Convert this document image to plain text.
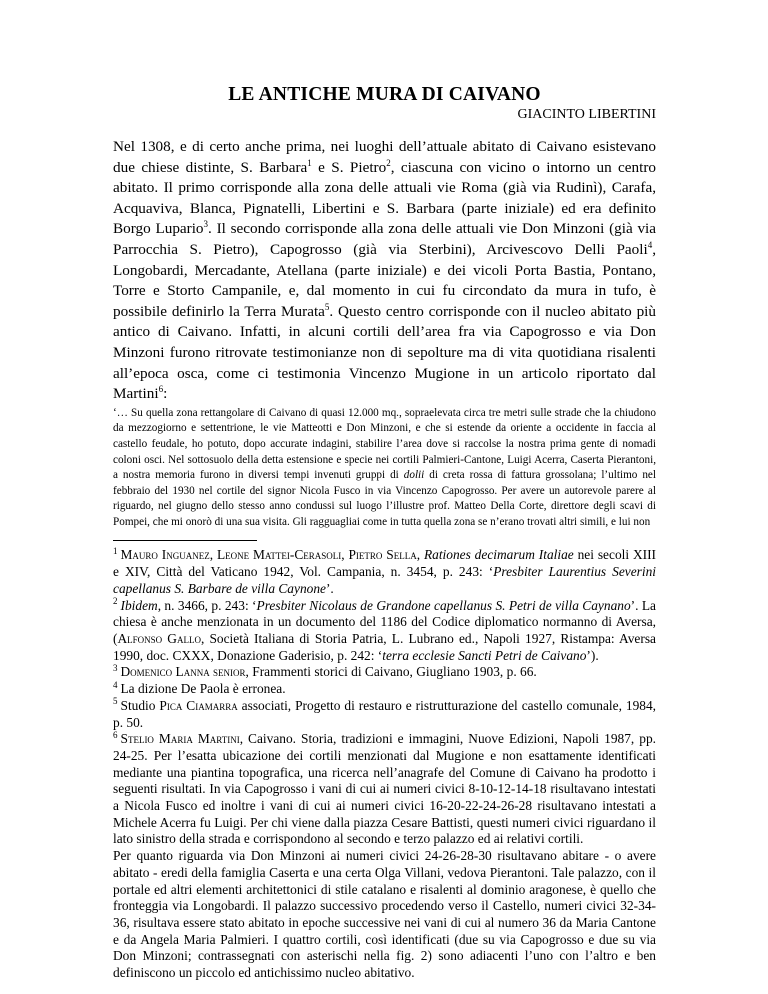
LE ANTICHE MURA DI CAIVANO

GIACINTO LIBERTINI

Nel 1308, e di certo anche prima, nei luoghi dell’attuale abitato di Caivano esistevano due chiese distinte, S. Barbara$^1$ e S. Pietro$^2$, ciascuna con vicino o intorno un centro abitato. Il primo corrisponde alla zona delle attuali vie Roma (già via Rudinì), Carafa, Acquaviva, Blanca, Pignatelli, Libertini e S. Barbara (parte iniziale) ed era definito Borgo Lupario$^3$. Il secondo corrisponde alla zona delle attuali vie Don Minzoni (già via Parrocchia S. Pietro), Capogrosso (già via Sterbini), Arcivescovo Delli Paoli$^4$, Longobardi, Mercadante, Atellana (parte iniziale) e dei vicoli Porta Bastia, Pontano, Torre e Storto Campanile, e, dal momento in cui fu circondato da mura in tufo, è possibile definirlo la Terra Murata$^5$. Questo centro corrisponde con il nucleo abitato più antico di Caivano. Infatti, in alcuni cortili dell’area fra via Capogrosso e via Don Minzoni furono ritrovate testimonianze non di sepolture ma di vita quotidiana risalenti all’epoca osca, come ci testimonia Vincenzo Mugione in un articolo riportato dal Martini$^6$:

‘… Su quella zona rettangolare di Caivano di quasi 12.000 mq., sopraelevata circa tre metri sulle strade che la chiudono da mezzogiorno e settentrione, le vie Matteotti e Don Minzoni, e che si estende da oriente a occidente in faccia al castello feudale, ho potuto, dopo accurate indagini, stabilire l’area dove si raccolse la nostra prima gente di nomadi coloni osci. Nel sottosuolo della detta estensione e specie nei cortili Palmieri-Cantone, Luigi Acerra, Caserta Pierantoni, a nostra memoria furono in diversi tempi invenuti gruppi di dolii di creta rossa di fattura grossolana; l’ultimo nel febbraio del 1930 nel cortile del signor Nicola Fusco in via Vincenzo Capogrosso. Per avere un autorevole parere al riguardo, nel giugno dello stesso anno condussi sul luogo l’illustre prof. Matteo Della Corte, direttore degli scavi di Pompei, che mi onorò di una sua visita. Gli ragguagliai come in tutta quella zona se n’erano trovati altri simili, e lui non

$^1$ Mauro Inguanez, Leone Mattei-Cerasoli, Pietro Sella, Rationes decimarum Italiae nei secoli XIII e XIV, Città del Vaticano 1942, Vol. Campania, n. 3454, p. 243: ‘Presbiter Laurentius Severini capellanus S. Barbare de villa Caynone’.

$^2$ Ibidem, n. 3466, p. 243: ‘Presbiter Nicolaus de Grandone capellanus S. Petri de villa Caynano’. La chiesa è anche menzionata in un documento del 1186 del Codice diplomatico normanno di Aversa, (Alfonso Gallo, Società Italiana di Storia Patria, L. Lubrano ed., Napoli 1927, Ristampa: Aversa 1990, doc. CXXX, Donazione Gaderisio, p. 242: ‘terra ecclesie Sancti Petri de Caivano’).

$^3$ Domenico Lanna senior, Frammenti storici di Caivano, Giugliano 1903, p. 66.

$^4$ La dizione De Paola è erronea.

$^5$ Studio Pica Ciamarra associati, Progetto di restauro e ristrutturazione del castello comunale, 1984, p. 50.

$^6$ Stelio Maria Martini, Caivano. Storia, tradizioni e immagini, Nuove Edizioni, Napoli 1987, pp. 24-25. Per l’esatta ubicazione dei cortili menzionati dal Mugione e non esattamente identificati mediante una piantina topografica, una ricerca nell’anagrafe del Comune di Caivano ha prodotto i seguenti risultati. In via Capogrosso i vani di cui ai numeri civici 8-10-12-14-18 risultavano intestati a Nicola Fusco ed inoltre i vani di cui ai numeri civici 16-20-22-24-26-28 risultavano intestati a Michele Acerra fu Luigi. Per chi viene dalla piazza Cesare Battisti, questi numeri civici riguardano il lato sinistro della strada e corrispondono al secondo e terzo palazzo ed ai relativi cortili.

Per quanto riguarda via Don Minzoni ai numeri civici 24-26-28-30 risultavano abitare - o avere abitato - eredi della famiglia Caserta e una certa Olga Villani, vedova Pierantoni. Tale palazzo, con il portale ed altri elementi architettonici di stile catalano e risalenti al dominio aragonese, è quello che fronteggia via Longobardi. Il palazzo successivo procedendo verso il Castello, numeri civici 32-34-36, risultava essere stato abitato in epoche successive nei vani di cui al numero 36 da Maria Cantone e da Angela Maria Palmieri. I quattro cortili, così identificati (due su via Capogrosso e due su via Don Minzoni; contrassegnati con asterischi nella fig. 2) sono adiacenti l’uno con l’altro e ben definiscono un piccolo ed antichissimo nucleo abitativo.
